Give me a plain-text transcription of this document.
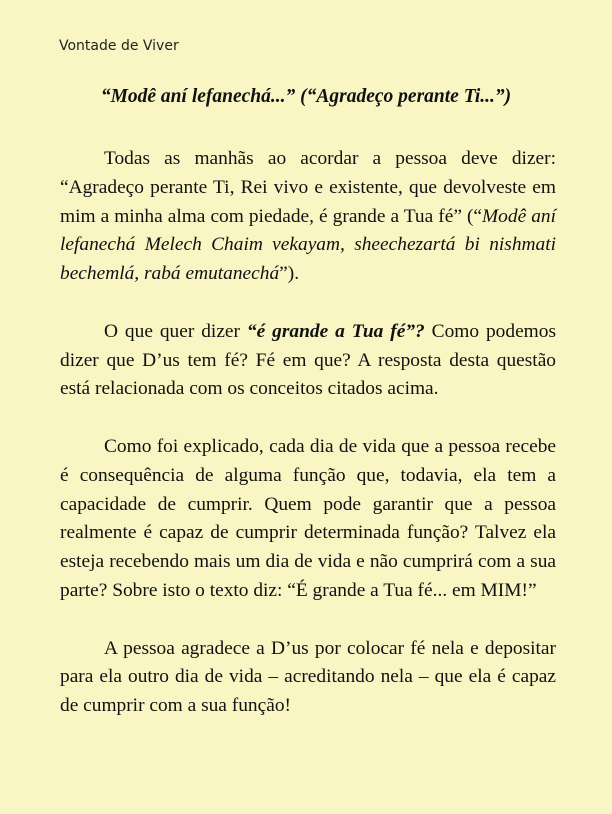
Vontade de Viver
“Modê aní lefanechá...” (“Agradeço perante Ti...”)

Todas as manhãs ao acordar a pessoa deve dizer: “Agradeço perante Ti, Rei vivo e existente, que devolveste em mim a minha alma com piedade, é grande a Tua fé” (“Modê aní lefanechá Melech Chaim vekayam, sheechezartá bi nishmati bechemlá, rabá emutanechá”).

O que quer dizer “é grande a Tua fé”? Como podemos dizer que D’us tem fé? Fé em que? A resposta desta questão está relacionada com os conceitos citados acima.

Como foi explicado, cada dia de vida que a pessoa recebe é consequência de alguma função que, todavia, ela tem a capacidade de cumprir. Quem pode garantir que a pessoa realmente é capaz de cumprir determinada função? Talvez ela esteja recebendo mais um dia de vida e não cumprirá com a sua parte? Sobre isto o texto diz: “É grande a Tua fé... em MIM!”

A pessoa agradece a D’us por colocar fé nela e depositar para ela outro dia de vida – acreditando nela – que ela é capaz de cumprir com a sua função!
